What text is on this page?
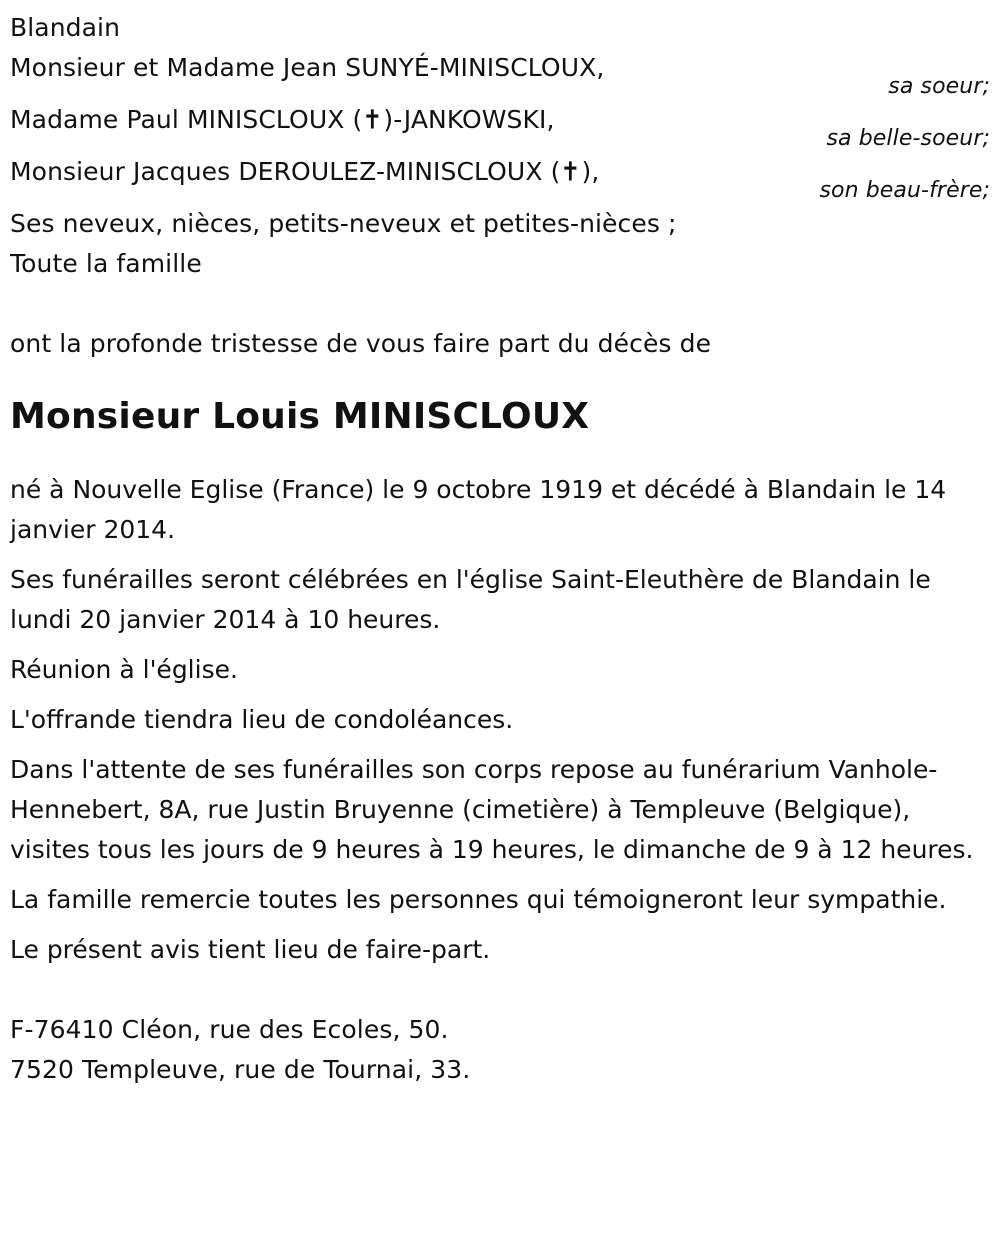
Blandain
Monsieur et Madame Jean SUNYÉ-MINISCLOUX,
sa soeur;
Madame Paul MINISCLOUX (✝)-JANKOWSKI,
sa belle-soeur;
Monsieur Jacques DEROULEZ-MINISCLOUX (✝),
son beau-frère;
Ses neveux, nièces, petits-neveux et petites-nièces ;
Toute la famille
ont la profonde tristesse de vous faire part du décès de
Monsieur Louis MINISCLOUX
né à Nouvelle Eglise (France) le 9 octobre 1919 et décédé à Blandain le 14 janvier 2014.
Ses funérailles seront célébrées en l'église Saint-Eleuthère de Blandain le lundi 20 janvier 2014 à 10 heures.
Réunion à l'église.
L'offrande tiendra lieu de condoléances.
Dans l'attente de ses funérailles son corps repose au funérarium Vanhole-Hennebert, 8A, rue Justin Bruyenne (cimetière) à Templeuve (Belgique), visites tous les jours de 9 heures à 19 heures, le dimanche de 9 à 12 heures.
La famille remercie toutes les personnes qui témoigneront leur sympathie.
Le présent avis tient lieu de faire-part.
F-76410 Cléon, rue des Ecoles, 50.
7520 Templeuve, rue de Tournai, 33.
